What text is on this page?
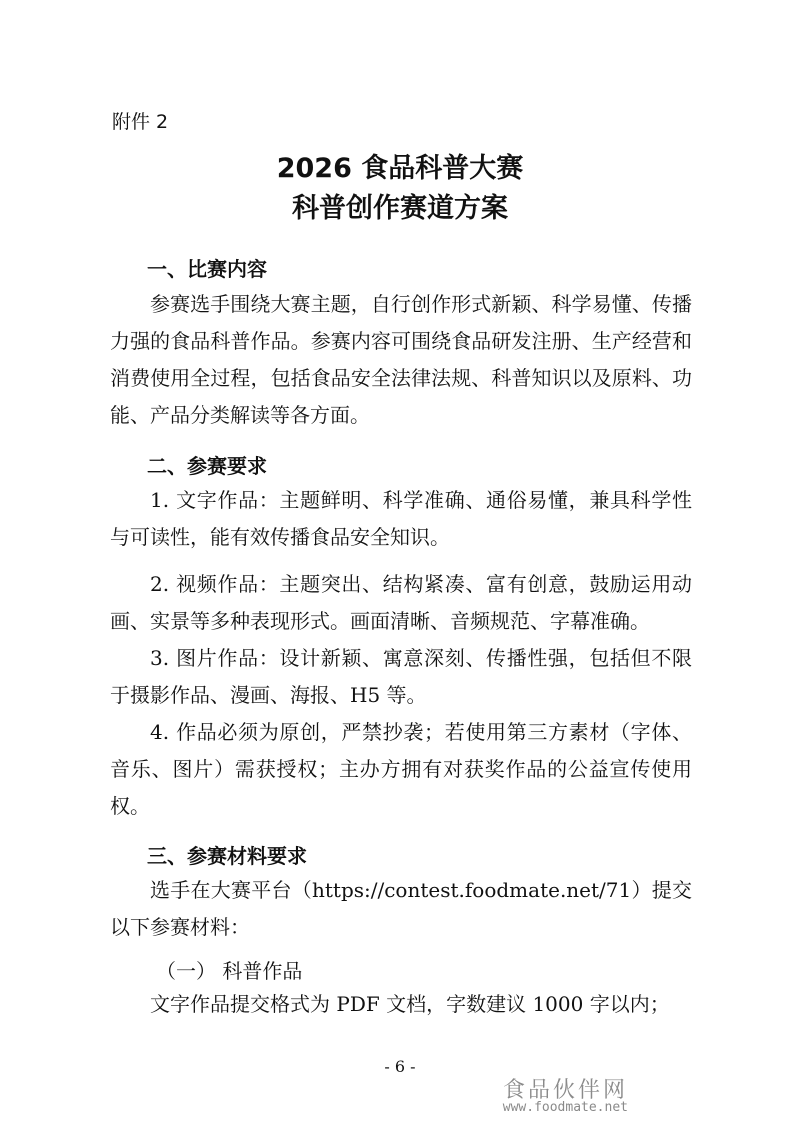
附件 2
2026 食品科普大赛
科普创作赛道方案
一、比赛内容
参赛选手围绕大赛主题，自行创作形式新颖、科学易懂、传播力强的食品科普作品。参赛内容可围绕食品研发注册、生产经营和消费使用全过程，包括食品安全法律法规、科普知识以及原料、功能、产品分类解读等各方面。
二、参赛要求
1. 文字作品：主题鲜明、科学准确、通俗易懂，兼具科学性与可读性，能有效传播食品安全知识。
2. 视频作品：主题突出、结构紧凑、富有创意，鼓励运用动画、实景等多种表现形式。画面清晰、音频规范、字幕准确。
3. 图片作品：设计新颖、寓意深刻、传播性强，包括但不限于摄影作品、漫画、海报、H5 等。
4. 作品必须为原创，严禁抄袭；若使用第三方素材（字体、音乐、图片）需获授权；主办方拥有对获奖作品的公益宣传使用权。
三、参赛材料要求
选手在大赛平台（https://contest.foodmate.net/71）提交以下参赛材料：
（一） 科普作品
文字作品提交格式为 PDF 文档，字数建议 1000 字以内；
- 6 -
食品伙伴网
www.foodmate.net
